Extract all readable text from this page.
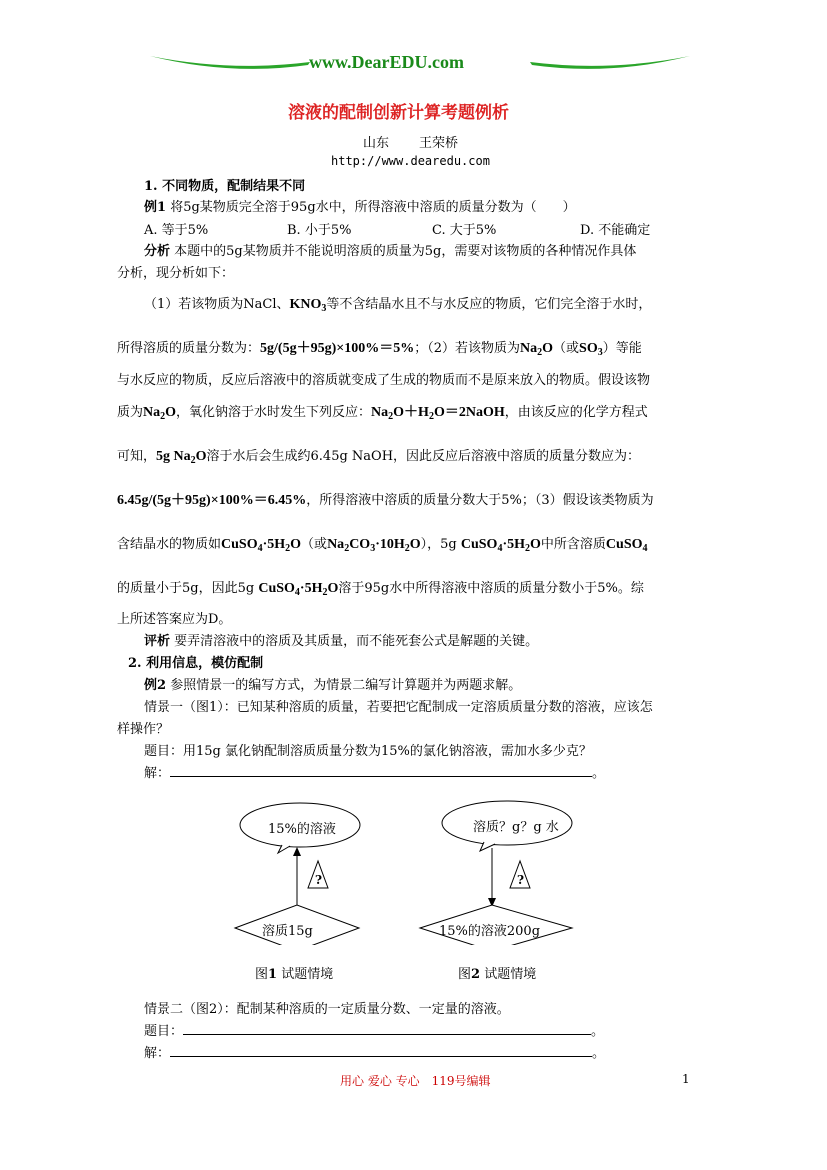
www.DearEDU.com
溶液的配制创新计算考题例析
山东 王荣桥
http://www.dearedu.com
1. 不同物质，配制结果不同
例1 将5g某物质完全溶于95g水中，所得溶液中溶质的质量分数为（　　）
A. 等于5%	B. 小于5%	C. 大于5%	D. 不能确定
分析 本题中的5g某物质并不能说明溶质的质量为5g，需要对该物质的各种情况作具体
分析，现分析如下：
（1）若该物质为NaCl、$KNO_3$等不含结晶水且不与水反应的物质，它们完全溶于水时，
所得溶质的质量分数为：5g/(5g＋95g)×100%＝5%；（2）若该物质为$Na_2O$（或$SO_3$）等能
与水反应的物质，反应后溶液中的溶质就变成了生成的物质而不是原来放入的物质。假设该物
质为$Na_2O$，氧化钠溶于水时发生下列反应：$Na_2O+H_2O=2NaOH$，由该反应的化学方程式
可知，5g $Na_2O$溶于水后会生成约6.45g NaOH，因此反应后溶液中溶质的质量分数应为：
6.45g/(5g＋95g)×100%＝6.45%，所得溶液中溶质的质量分数大于5%；（3）假设该类物质为
含结晶水的物质如$CuSO_4\cdot 5H_2O$（或$Na_2CO_3\cdot 10H_2O$），5g $CuSO_4\cdot 5H_2O$中所含溶质CuSO$_4$
的质量小于5g，因此5g $CuSO_4\cdot 5H_2O$溶于95g水中所得溶液中溶质的质量分数小于5%。综
上所述答案应为D。
评析 要弄清溶液中的溶质及其质量，而不能死套公式是解题的关键。
2. 利用信息，模仿配制
例2 参照情景一的编写方式，为情景二编写计算题并为两题求解。
情景一（图1）：已知某种溶质的质量，若要把它配制成一定溶质质量分数的溶液，应该怎
样操作？
题目：用15g 氯化钠配制溶质质量分数为15%的氯化钠溶液，需加水多少克？
解：	。
15%的溶液
?
溶质15g
溶质？g？g 水
?
15%的溶液200g
图1 试题情境	图2 试题情境
情景二（图2）：配制某种溶质的一定质量分数、一定量的溶液。
题目：	。
解：	。
用心 爱心 专心　119号编辑	1
